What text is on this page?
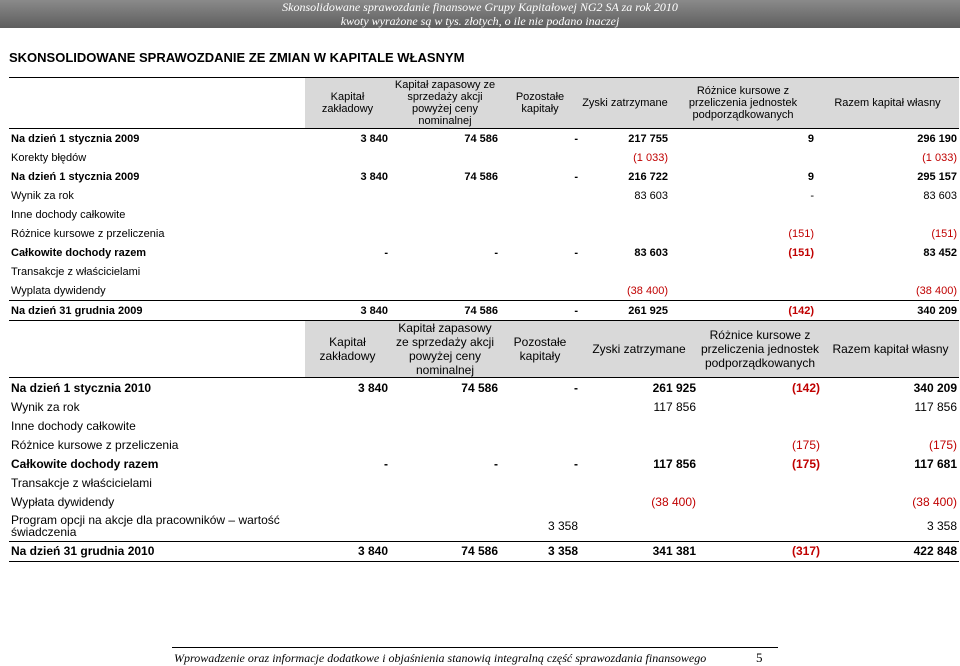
Skonsolidowane sprawozdanie finansowe Grupy Kapitałowej NG2 SA za rok 2010
kwoty wyrażone są w tys. złotych, o ile nie podano inaczej
SKONSOLIDOWANE SPRAWOZDANIE ZE ZMIAN W KAPITALE WŁASNYM
	Kapitał zakładowy	Kapitał zapasowy ze sprzedaży akcji powyżej ceny nominalnej	Pozostałe kapitały	Zyski zatrzymane	Różnice kursowe z przeliczenia jednostek podporządkowanych	Razem kapitał własny
Na dzień 1 stycznia 2009	3 840	74 586	-	217 755	9	296 190
Korekty błędów				(1 033)		(1 033)
Na dzień 1 stycznia 2009	3 840	74 586	-	216 722	9	295 157
Wynik za rok				83 603	-	83 603
Inne dochody całkowite						
Różnice kursowe z przeliczenia					(151)	(151)
Całkowite dochody razem	-	-	-	83 603	(151)	83 452
Transakcje z właścicielami						
Wyplata dywidendy				(38 400)		(38 400)
Na dzień 31 grudnia 2009	3 840	74 586	-	261 925	(142)	340 209
	Kapitał zakładowy	Kapitał zapasowy ze sprzedaży akcji powyżej ceny nominalnej	Pozostałe kapitały	Zyski zatrzymane	Różnice kursowe z przeliczenia jednostek podporządkowanych	Razem kapitał własny
Na dzień 1 stycznia 2010	3 840	74 586	-	261 925	(142)	340 209
Wynik za rok				117 856		117 856
Inne dochody całkowite						
Różnice kursowe z przeliczenia					(175)	(175)
Całkowite dochody razem	-	-	-	117 856	(175)	117 681
Transakcje z właścicielami						
Wypłata dywidendy				(38 400)		(38 400)
Program opcji na akcje dla pracowników – wartość świadczenia			3 358			3 358
Na dzień 31 grudnia 2010	3 840	74 586	3 358	341 381	(317)	422 848
Wprowadzenie oraz informacje dodatkowe i objaśnienia stanowią integralną część sprawozdania finansowego	5
